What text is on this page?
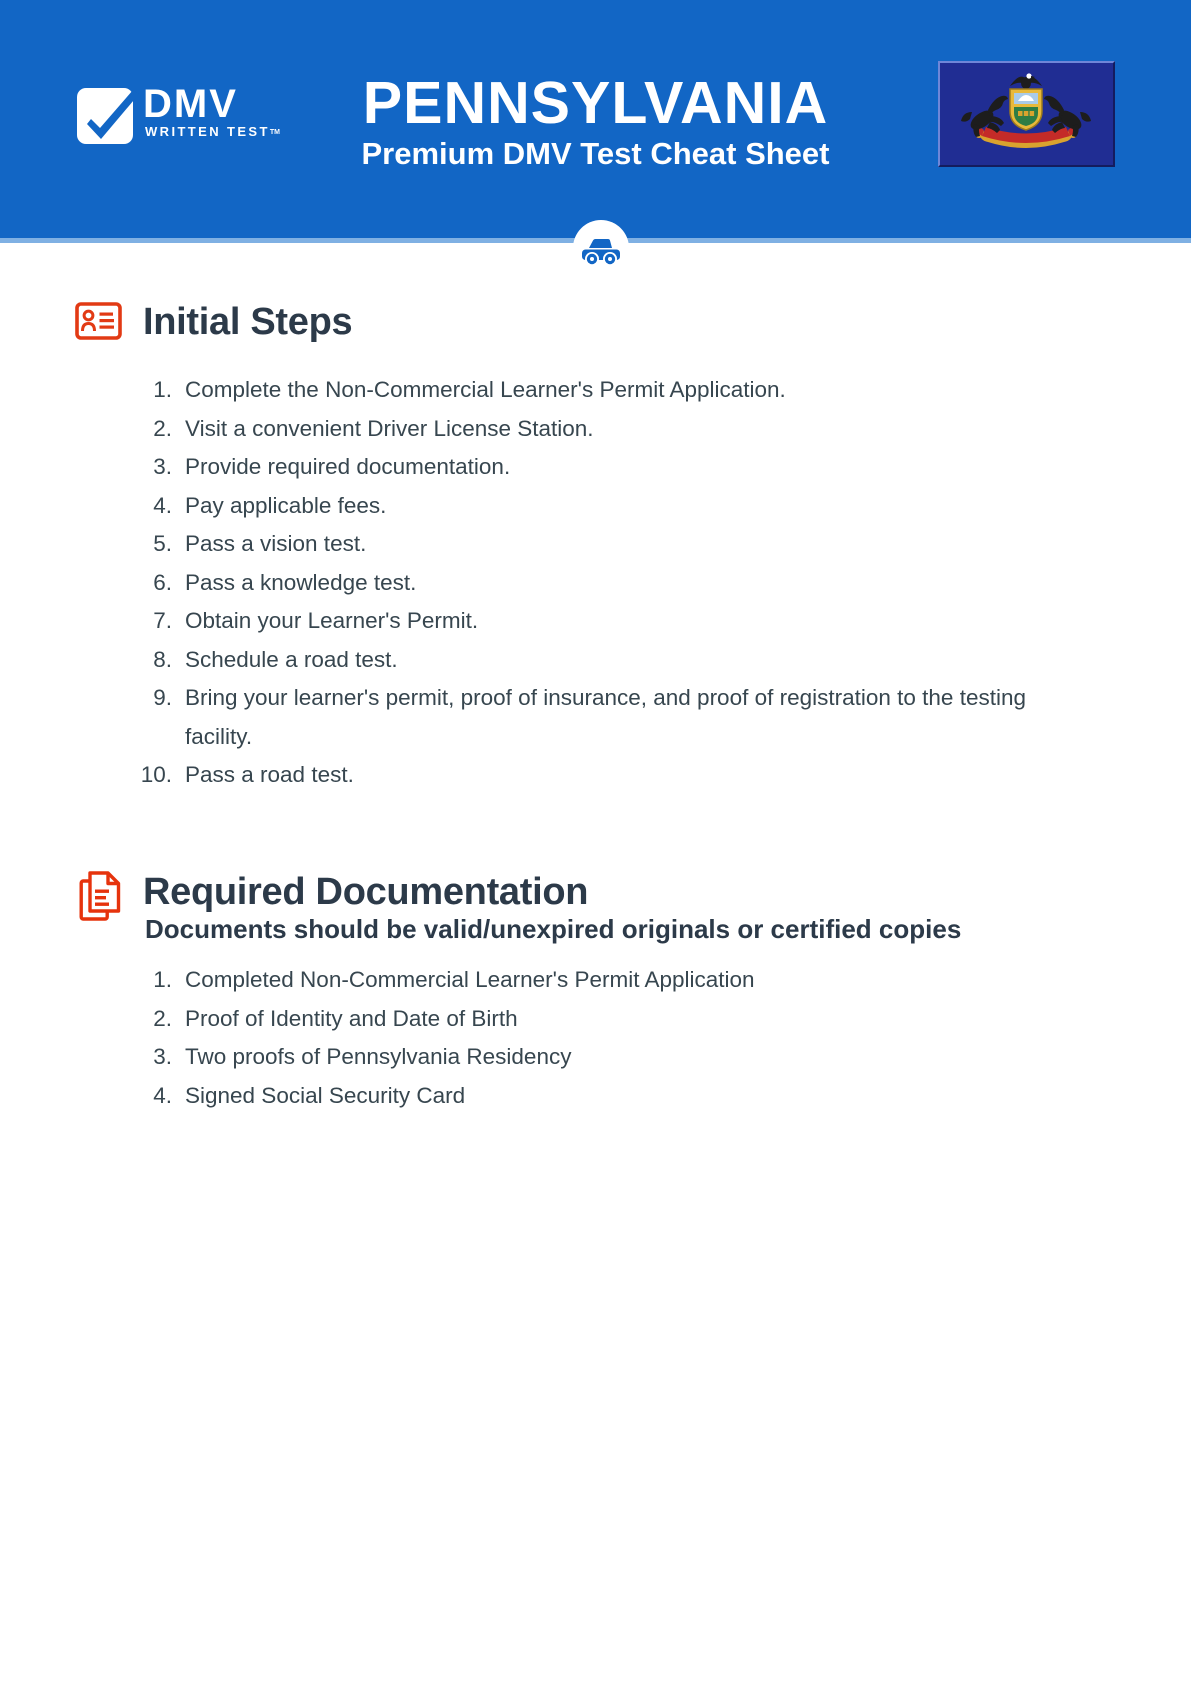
DMV
WRITTEN TESTTM	PENNSYLVANIA
Premium DMV Test Cheat Sheet
Initial Steps
1. Complete the Non-Commercial Learner's Permit Application.
2. Visit a convenient Driver License Station.
3. Provide required documentation.
4. Pay applicable fees.
5. Pass a vision test.
6. Pass a knowledge test.
7. Obtain your Learner's Permit.
8. Schedule a road test.
9. Bring your learner's permit, proof of insurance, and proof of registration to the testing facility.
10. Pass a road test.
Required Documentation
Documents should be valid/unexpired originals or certified copies
1. Completed Non-Commercial Learner's Permit Application
2. Proof of Identity and Date of Birth
3. Two proofs of Pennsylvania Residency
4. Signed Social Security Card
